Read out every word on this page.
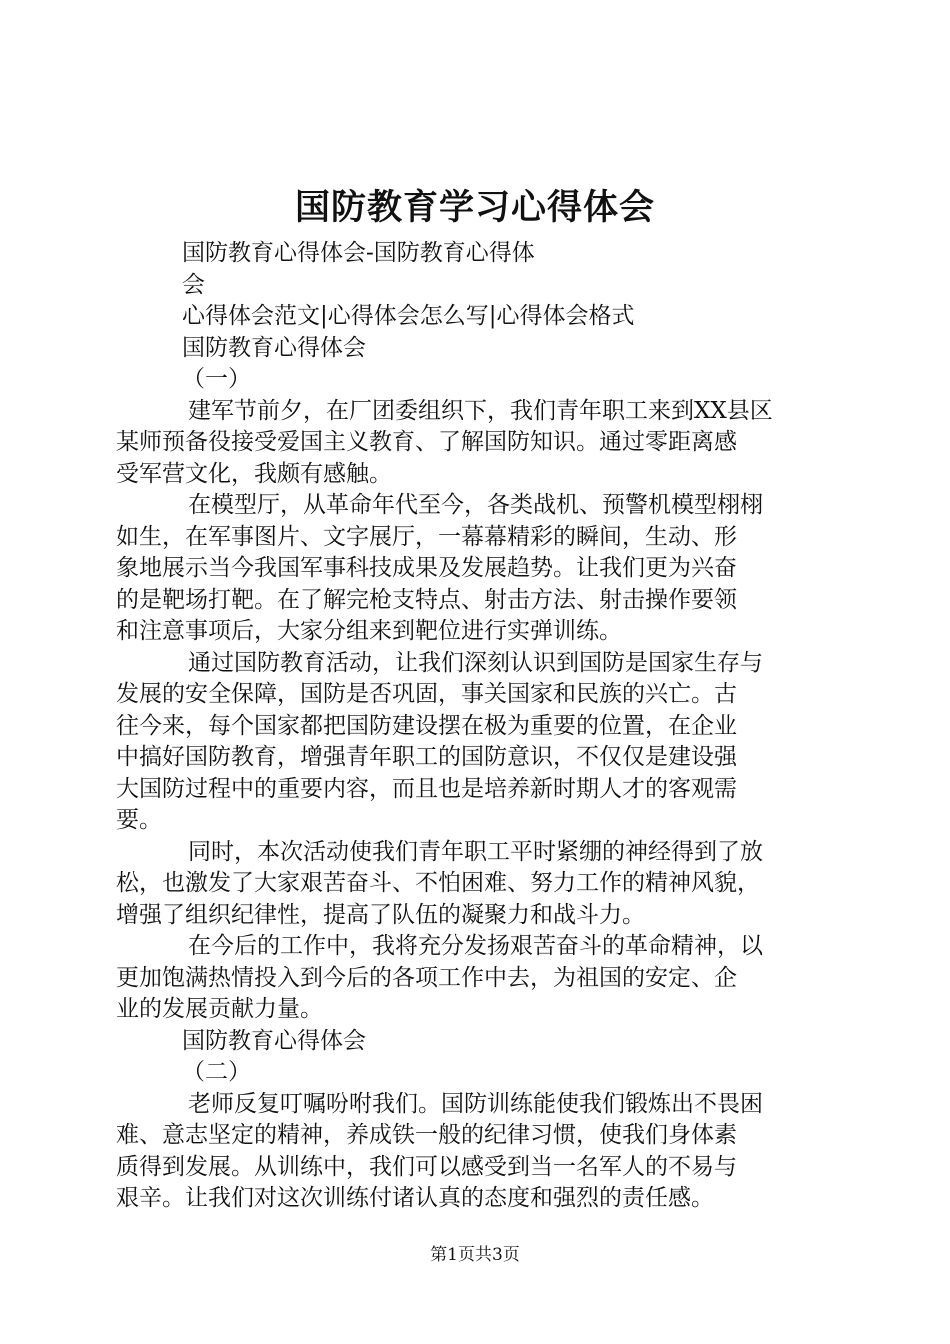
国防教育学习心得体会
国防教育心得体会-国防教育心得体
会
心得体会范文|心得体会怎么写|心得体会格式
国防教育心得体会
（一）
建军节前夕，在厂团委组织下，我们青年职工来到XX县区
某师预备役接受爱国主义教育、了解国防知识。通过零距离感
受军营文化，我颇有感触。
在模型厅，从革命年代至今，各类战机、预警机模型栩栩
如生，在军事图片、文字展厅，一幕幕精彩的瞬间，生动、形
象地展示当今我国军事科技成果及发展趋势。让我们更为兴奋
的是靶场打靶。在了解完枪支特点、射击方法、射击操作要领
和注意事项后，大家分组来到靶位进行实弹训练。
通过国防教育活动，让我们深刻认识到国防是国家生存与
发展的安全保障，国防是否巩固，事关国家和民族的兴亡。古
往今来，每个国家都把国防建设摆在极为重要的位置，在企业
中搞好国防教育，增强青年职工的国防意识，不仅仅是建设强
大国防过程中的重要内容，而且也是培养新时期人才的客观需
要。
同时，本次活动使我们青年职工平时紧绷的神经得到了放
松，也激发了大家艰苦奋斗、不怕困难、努力工作的精神风貌，
增强了组织纪律性，提高了队伍的凝聚力和战斗力。
在今后的工作中，我将充分发扬艰苦奋斗的革命精神，以
更加饱满热情投入到今后的各项工作中去，为祖国的安定、企
业的发展贡献力量。
国防教育心得体会
（二）
老师反复叮嘱吩咐我们。国防训练能使我们锻炼出不畏困
难、意志坚定的精神，养成铁一般的纪律习惯，使我们身体素
质得到发展。从训练中，我们可以感受到当一名军人的不易与
艰辛。让我们对这次训练付诸认真的态度和强烈的责任感。
第1页共3页
